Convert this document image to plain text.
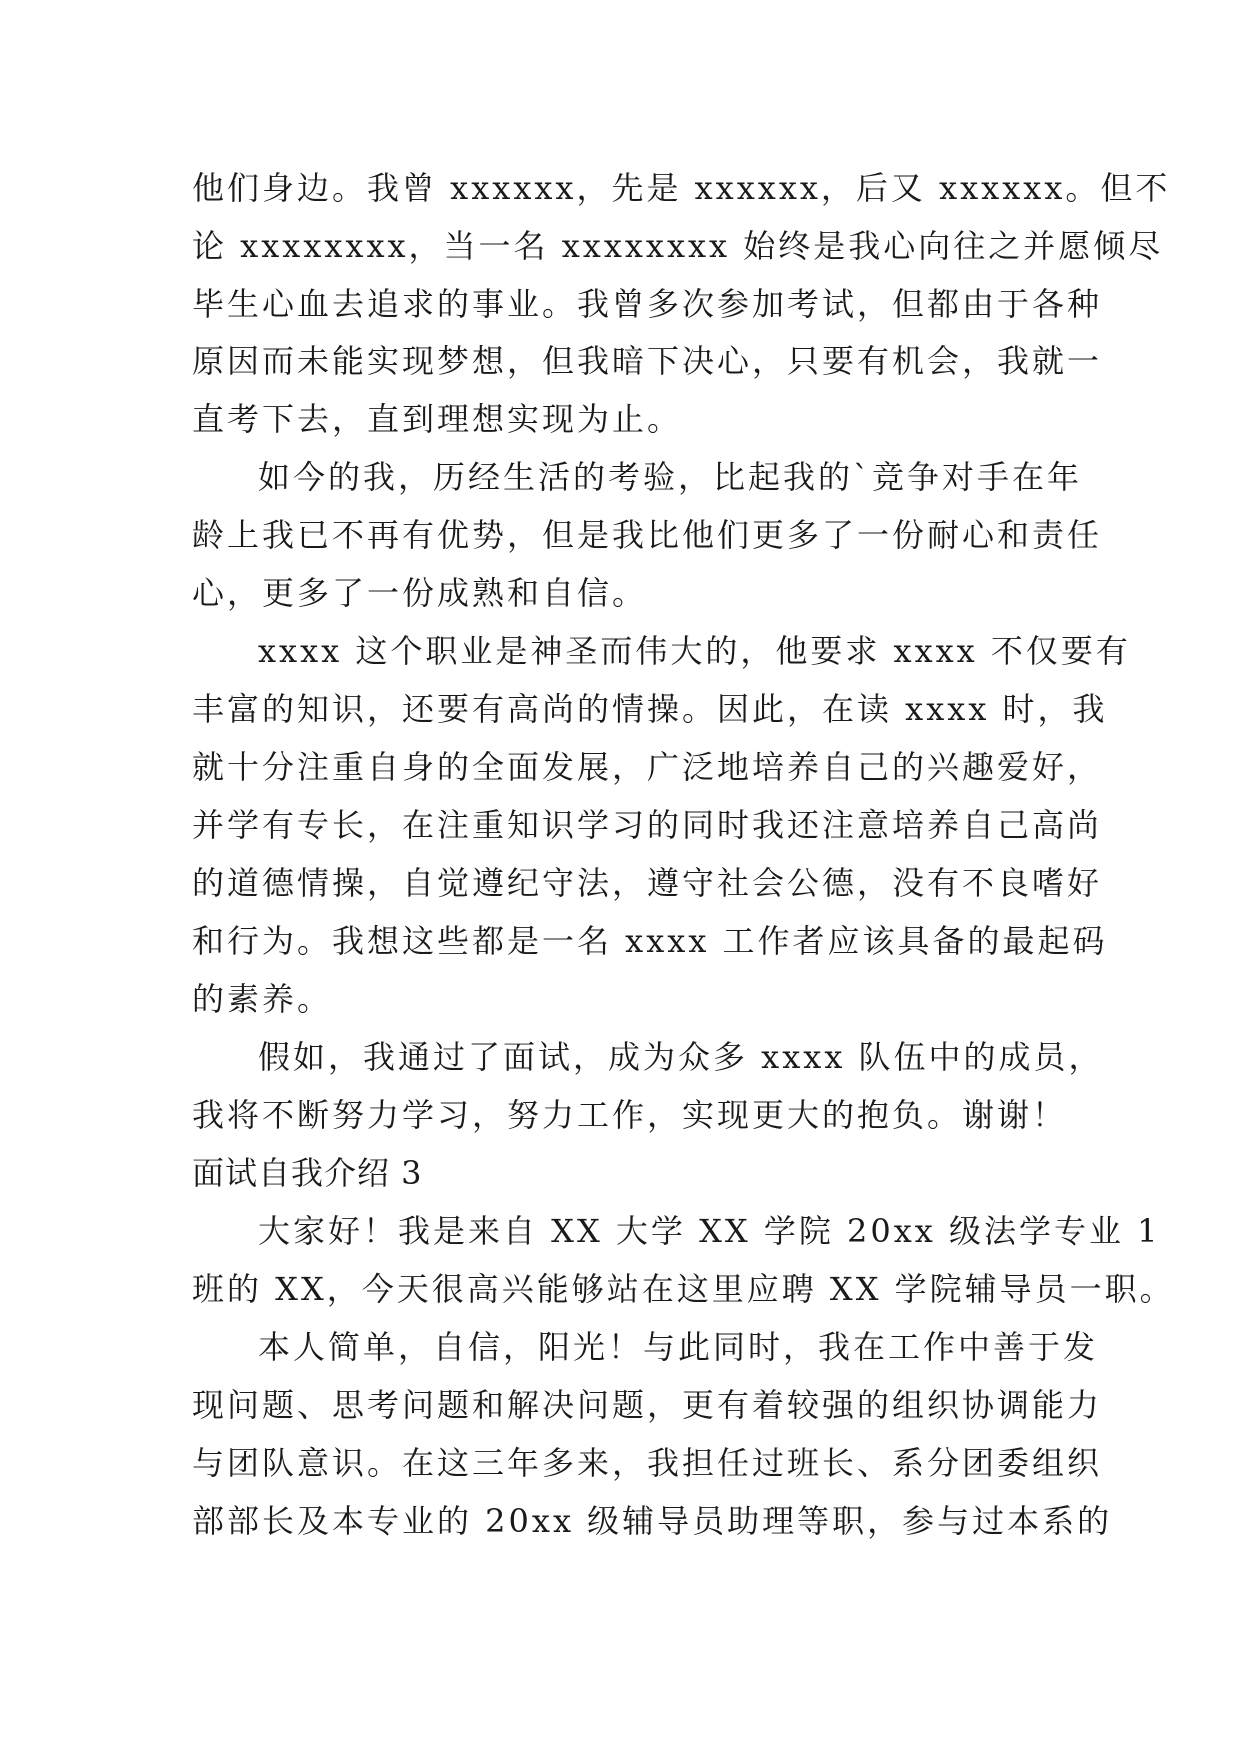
他们身边。我曾 xxxxxx，先是 xxxxxx，后又 xxxxxx。但不
论 xxxxxxxx，当一名 xxxxxxxx 始终是我心向往之并愿倾尽
毕生心血去追求的事业。我曾多次参加考试，但都由于各种
原因而未能实现梦想，但我暗下决心，只要有机会，我就一
直考下去，直到理想实现为止。
如今的我，历经生活的考验，比起我的`竞争对手在年
龄上我已不再有优势，但是我比他们更多了一份耐心和责任
心，更多了一份成熟和自信。
xxxx 这个职业是神圣而伟大的，他要求 xxxx 不仅要有
丰富的知识，还要有高尚的情操。因此，在读 xxxx 时，我
就十分注重自身的全面发展，广泛地培养自己的兴趣爱好，
并学有专长，在注重知识学习的同时我还注意培养自己高尚
的道德情操，自觉遵纪守法，遵守社会公德，没有不良嗜好
和行为。我想这些都是一名 xxxx 工作者应该具备的最起码
的素养。
假如，我通过了面试，成为众多 xxxx 队伍中的成员，
我将不断努力学习，努力工作，实现更大的抱负。谢谢！
面试自我介绍 3
大家好！我是来自 XX 大学 XX 学院 20xx 级法学专业 1
班的 XX，今天很高兴能够站在这里应聘 XX 学院辅导员一职。
本人简单，自信，阳光！与此同时，我在工作中善于发
现问题、思考问题和解决问题，更有着较强的组织协调能力
与团队意识。在这三年多来，我担任过班长、系分团委组织
部部长及本专业的 20xx 级辅导员助理等职，参与过本系的
